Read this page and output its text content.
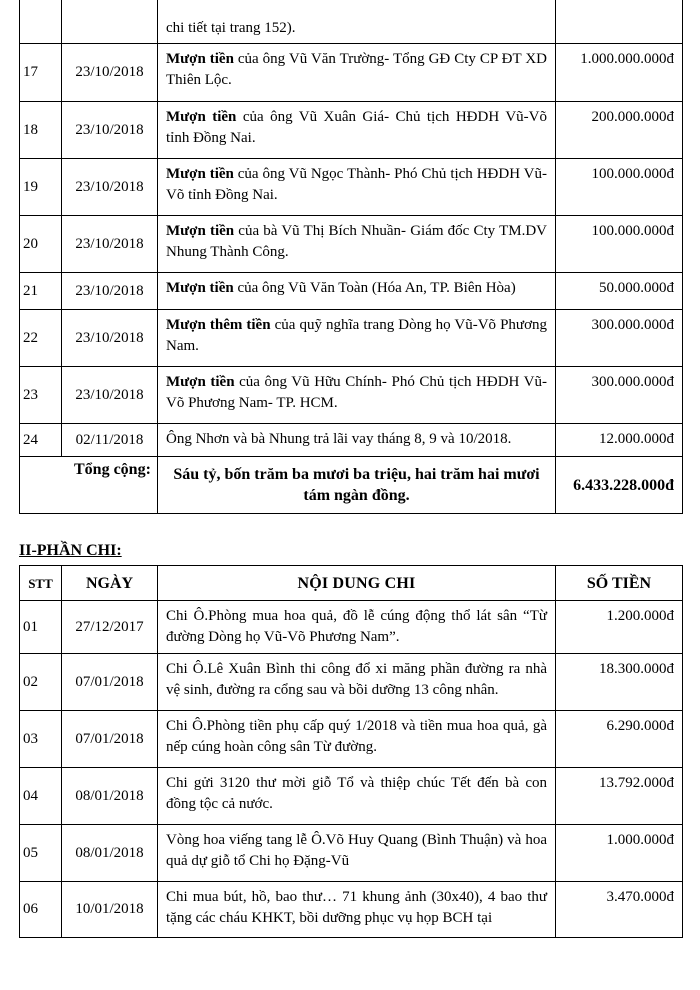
		chi tiết tại trang 152).	
17	23/10/2018	Mượn tiền của ông Vũ Văn Trường- Tổng GĐ Cty CP ĐT XD Thiên Lộc.	1.000.000.000đ
18	23/10/2018	Mượn tiền của ông Vũ Xuân Giá- Chủ tịch HĐDH Vũ-Võ tỉnh Đồng Nai.	200.000.000đ
19	23/10/2018	Mượn tiền của ông Vũ Ngọc Thành- Phó Chủ tịch HĐDH Vũ-Võ tỉnh Đồng Nai.	100.000.000đ
20	23/10/2018	Mượn tiền của bà Vũ Thị Bích Nhuần- Giám đốc Cty TM.DV Nhung Thành Công.	100.000.000đ
21	23/10/2018	Mượn tiền của ông Vũ Văn Toàn (Hóa An, TP. Biên Hòa)	50.000.000đ
22	23/10/2018	Mượn thêm tiền của quỹ nghĩa trang Dòng họ Vũ-Võ Phương Nam.	300.000.000đ
23	23/10/2018	Mượn tiền của ông Vũ Hữu Chính- Phó Chủ tịch HĐDH Vũ-Võ Phương Nam- TP. HCM.	300.000.000đ
24	02/11/2018	Ông Nhơn và bà Nhung trả lãi vay tháng 8, 9 và 10/2018.	12.000.000đ
Tổng cộng:		Sáu tỷ, bốn trăm ba mươi ba triệu, hai trăm hai mươi tám ngàn đồng.	6.433.228.000đ
II-PHẦN CHI:
STT	NGÀY	NỘI DUNG CHI	SỐ TIỀN
01	27/12/2017	Chi Ô.Phòng mua hoa quả, đồ lễ cúng động thổ lát sân “Từ đường Dòng họ Vũ-Võ Phương Nam”.	1.200.000đ
02	07/01/2018	Chi Ô.Lê Xuân Bình thi công đổ xi măng phần đường ra nhà vệ sinh, đường ra cổng sau và bồi dưỡng 13 công nhân.	18.300.000đ
03	07/01/2018	Chi Ô.Phòng tiền phụ cấp quý 1/2018 và tiền mua hoa quả, gà nếp cúng hoàn công sân Từ đường.	6.290.000đ
04	08/01/2018	Chi gửi 3120 thư mời giỗ Tổ và thiệp chúc Tết đến bà con đồng tộc cả nước.	13.792.000đ
05	08/01/2018	Vòng hoa viếng tang lễ Ô.Võ Huy Quang (Bình Thuận) và hoa quả dự giỗ tổ Chi họ Đặng-Vũ	1.000.000đ
06	10/01/2018	Chi mua bút, hồ, bao thư… 71 khung ảnh (30x40), 4 bao thư tặng các cháu KHKT, bồi dưỡng phục vụ họp BCH tại	3.470.000đ
